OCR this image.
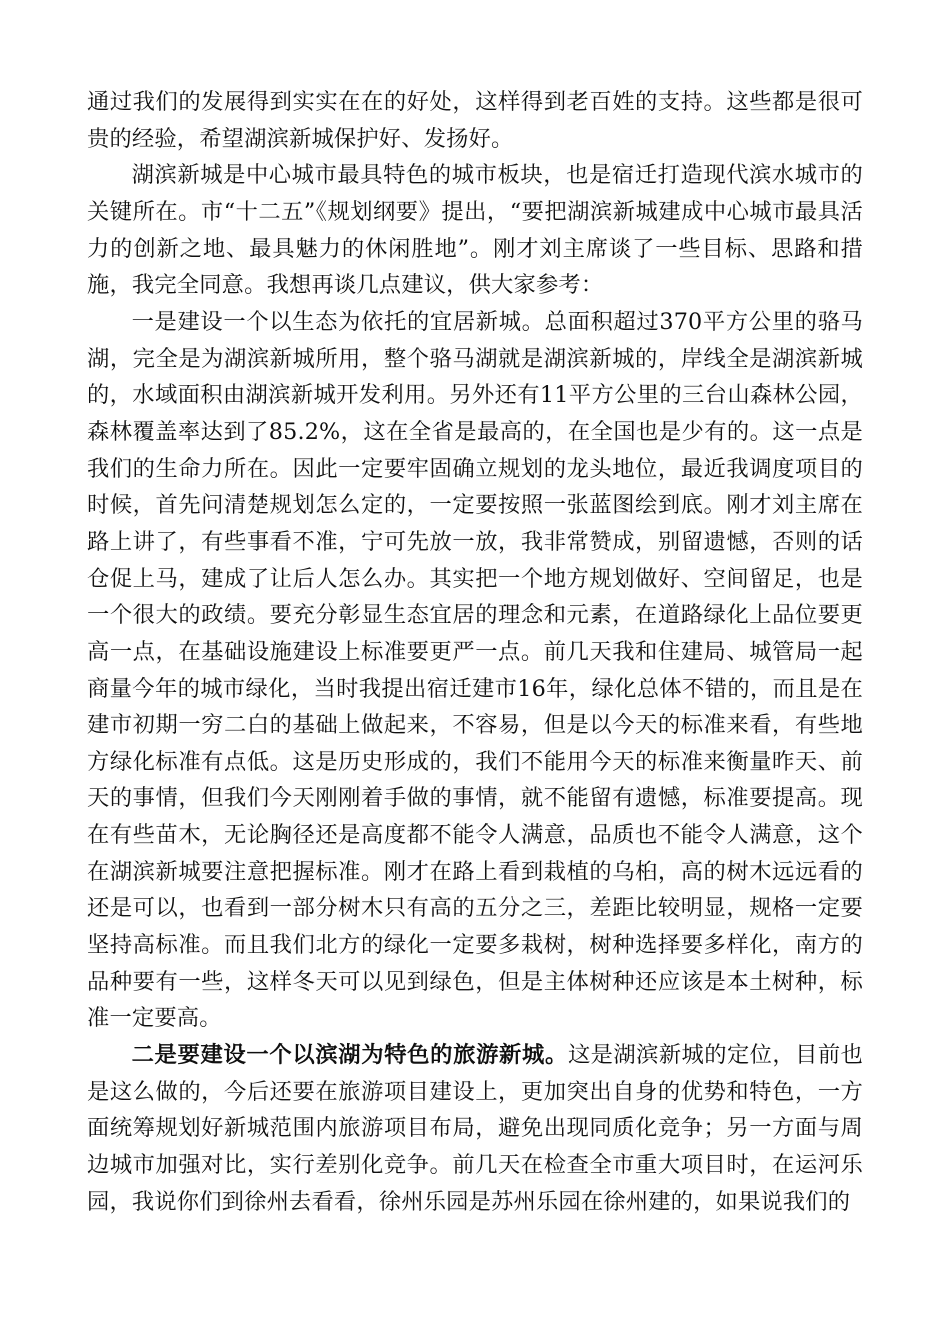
通过我们的发展得到实实在在的好处，这样得到老百姓的支持。这些都是很可贵的经验，希望湖滨新城保护好、发扬好。

湖滨新城是中心城市最具特色的城市板块，也是宿迁打造现代滨水城市的关键所在。市“十二五”《规划纲要》提出，“要把湖滨新城建成中心城市最具活力的创新之地、最具魅力的休闲胜地”。刚才刘主席谈了一些目标、思路和措施，我完全同意。我想再谈几点建议，供大家参考：

一是建设一个以生态为依托的宜居新城。总面积超过370平方公里的骆马湖，完全是为湖滨新城所用，整个骆马湖就是湖滨新城的，岸线全是湖滨新城的，水域面积由湖滨新城开发利用。另外还有11平方公里的三台山森林公园，森林覆盖率达到了85.2%，这在全省是最高的，在全国也是少有的。这一点是我们的生命力所在。因此一定要牢固确立规划的龙头地位，最近我调度项目的时候，首先问清楚规划怎么定的，一定要按照一张蓝图绘到底。刚才刘主席在路上讲了，有些事看不准，宁可先放一放，我非常赞成，别留遗憾，否则的话仓促上马，建成了让后人怎么办。其实把一个地方规划做好、空间留足，也是一个很大的政绩。要充分彰显生态宜居的理念和元素，在道路绿化上品位要更高一点，在基础设施建设上标准要更严一点。前几天我和住建局、城管局一起商量今年的城市绿化，当时我提出宿迁建市16年，绿化总体不错的，而且是在建市初期一穷二白的基础上做起来，不容易，但是以今天的标准来看，有些地方绿化标准有点低。这是历史形成的，我们不能用今天的标准来衡量昨天、前天的事情，但我们今天刚刚着手做的事情，就不能留有遗憾，标准要提高。现在有些苗木，无论胸径还是高度都不能令人满意，品质也不能令人满意，这个在湖滨新城要注意把握标准。刚才在路上看到栽植的乌桕，高的树木远远看的还是可以，也看到一部分树木只有高的五分之三，差距比较明显，规格一定要坚持高标准。而且我们北方的绿化一定要多栽树，树种选择要多样化，南方的品种要有一些，这样冬天可以见到绿色，但是主体树种还应该是本土树种，标准一定要高。

二是要建设一个以滨湖为特色的旅游新城。这是湖滨新城的定位，目前也是这么做的，今后还要在旅游项目建设上，更加突出自身的优势和特色，一方面统筹规划好新城范围内旅游项目布局，避免出现同质化竞争；另一方面与周边城市加强对比，实行差别化竞争。前几天在检查全市重大项目时，在运河乐园，我说你们到徐州去看看，徐州乐园是苏州乐园在徐州建的，如果说我们的
